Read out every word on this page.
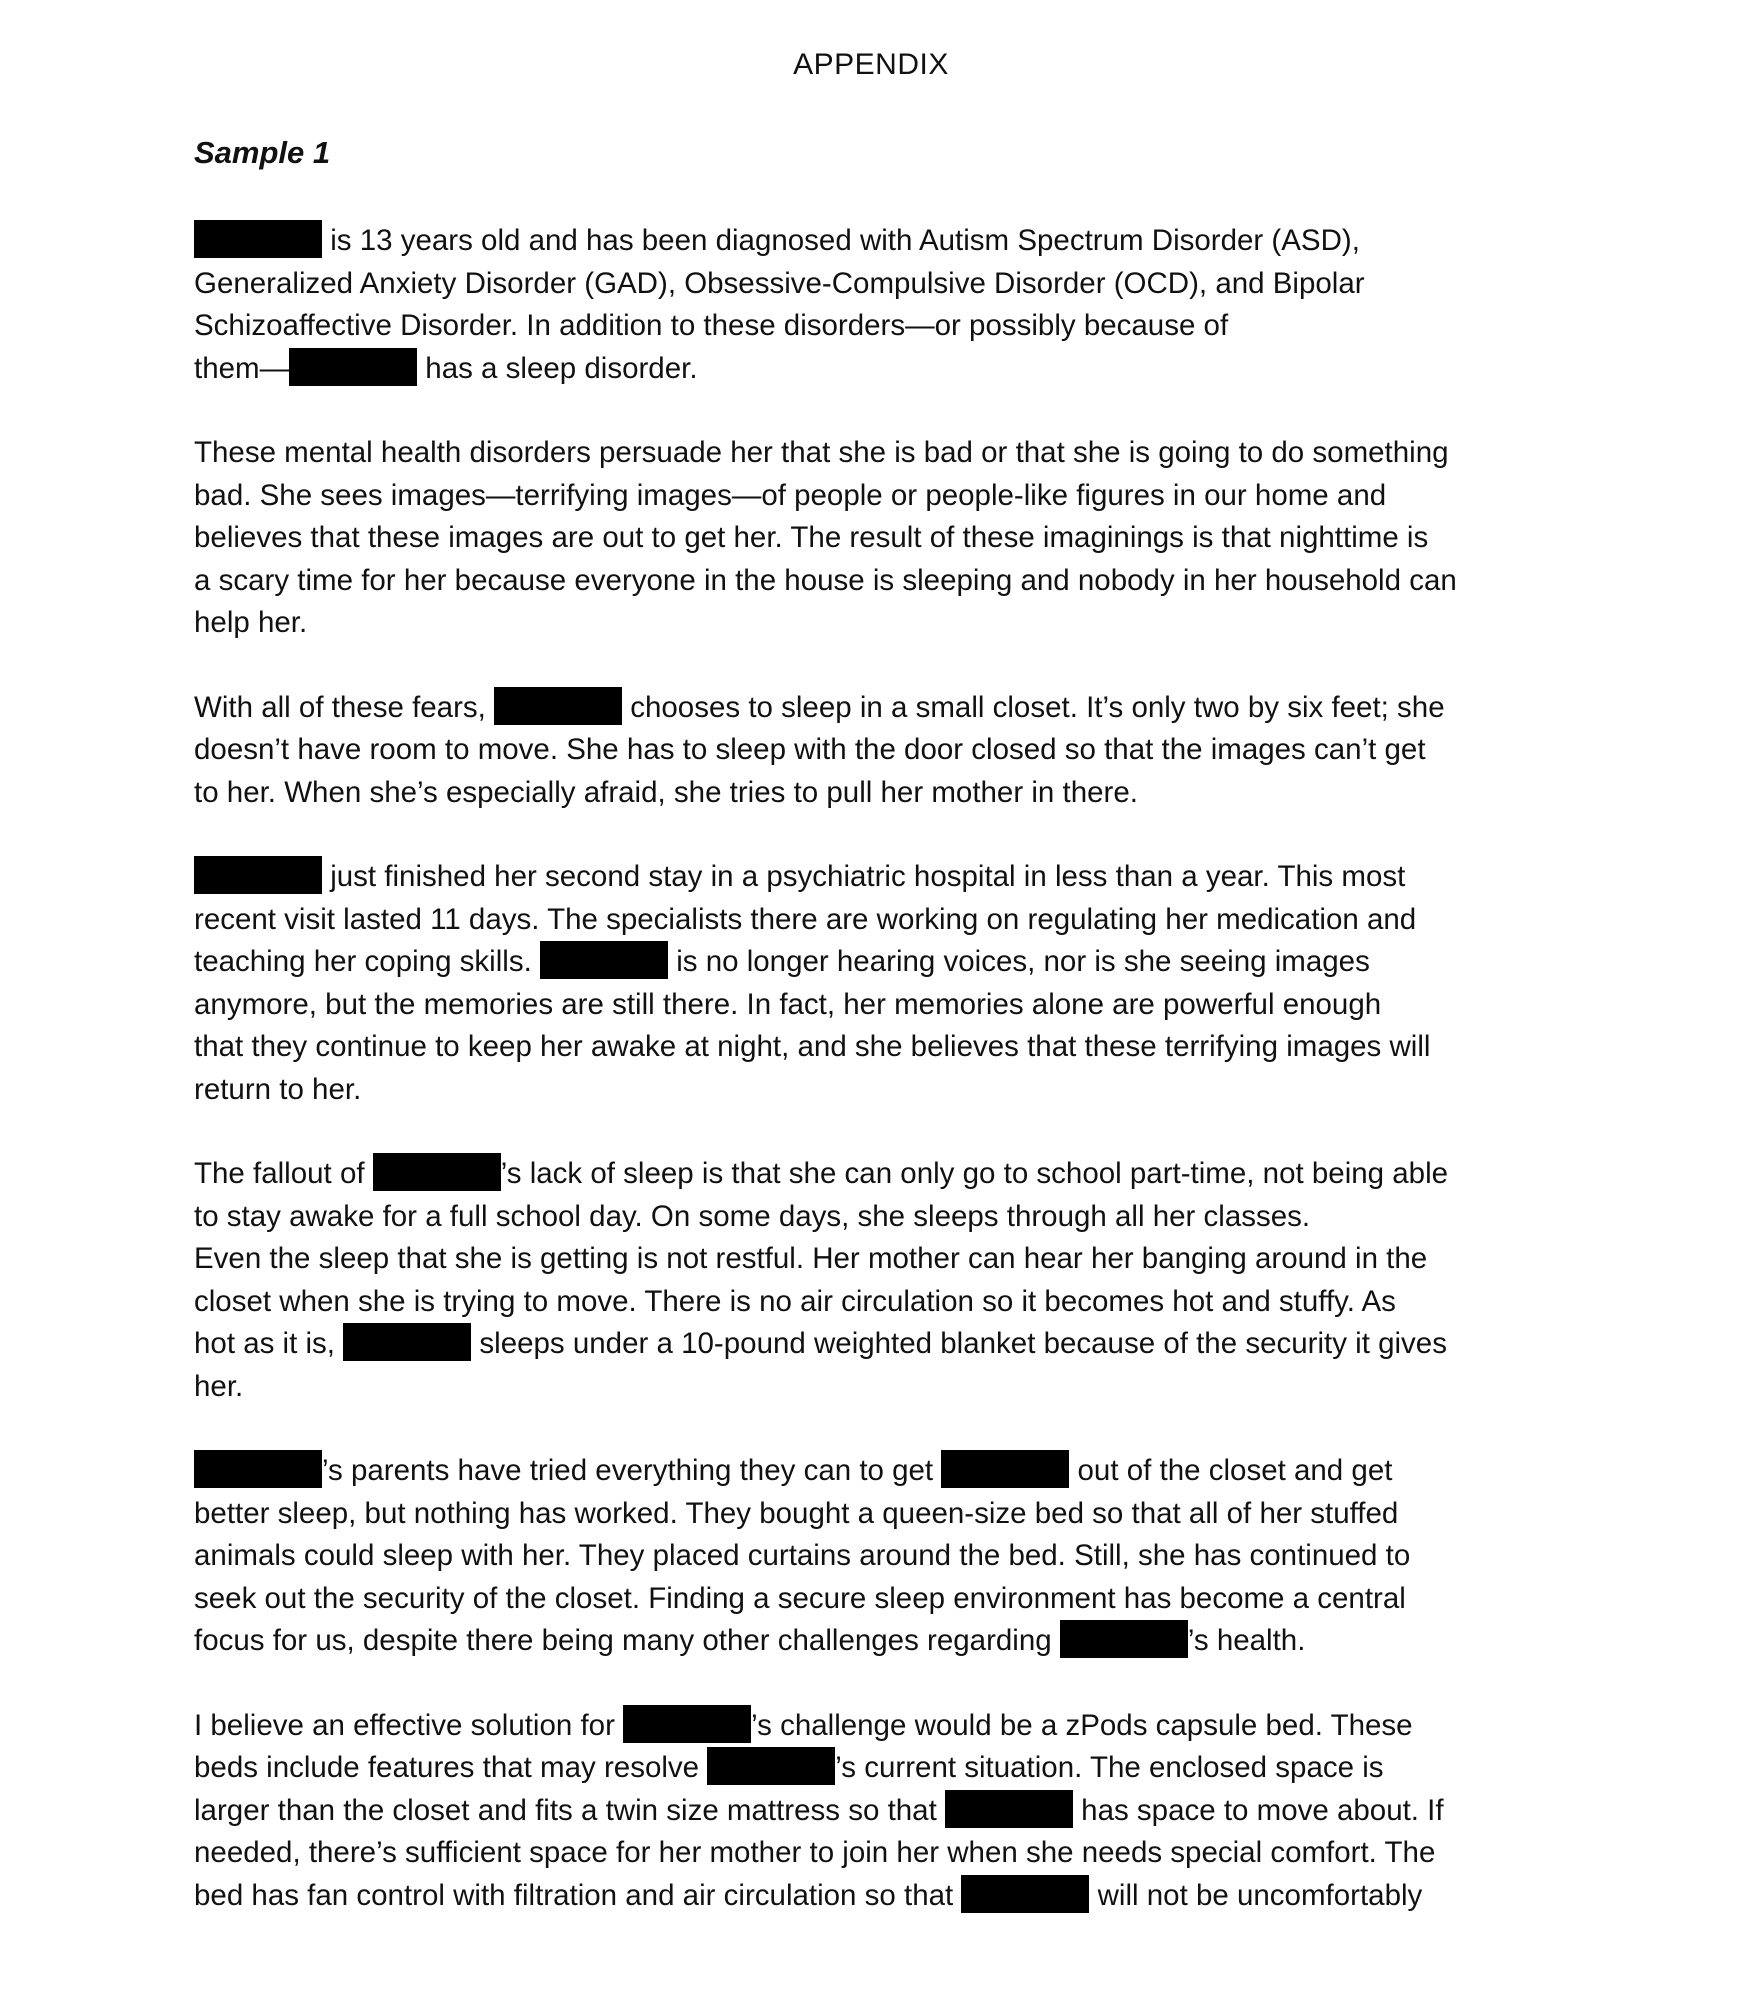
APPENDIX
Sample 1
is 13 years old and has been diagnosed with Autism Spectrum Disorder (ASD),
Generalized Anxiety Disorder (GAD), Obsessive-Compulsive Disorder (OCD), and Bipolar
Schizoaffective Disorder. In addition to these disorders—or possibly because of
them—	has a sleep disorder.
These mental health disorders persuade her that she is bad or that she is going to do something
bad. She sees images—terrifying images—of people or people-like figures in our home and
believes that these images are out to get her. The result of these imaginings is that nighttime is
a scary time for her because everyone in the house is sleeping and nobody in her household can
help her.
With all of these fears,	chooses to sleep in a small closet. It’s only two by six feet; she
doesn’t have room to move. She has to sleep with the door closed so that the images can’t get
to her. When she’s especially afraid, she tries to pull her mother in there.
just finished her second stay in a psychiatric hospital in less than a year. This most
recent visit lasted 11 days. The specialists there are working on regulating her medication and
teaching her coping skills.	is no longer hearing voices, nor is she seeing images
anymore, but the memories are still there. In fact, her memories alone are powerful enough
that they continue to keep her awake at night, and she believes that these terrifying images will
return to her.
The fallout of	’s lack of sleep is that she can only go to school part-time, not being able
to stay awake for a full school day. On some days, she sleeps through all her classes.
Even the sleep that she is getting is not restful. Her mother can hear her banging around in the
closet when she is trying to move. There is no air circulation so it becomes hot and stuffy. As
hot as it is,	sleeps under a 10-pound weighted blanket because of the security it gives
her.
’s parents have tried everything they can to get	out of the closet and get
better sleep, but nothing has worked. They bought a queen-size bed so that all of her stuffed
animals could sleep with her. They placed curtains around the bed. Still, she has continued to
seek out the security of the closet. Finding a secure sleep environment has become a central
focus for us, despite there being many other challenges regarding	’s health.
I believe an effective solution for	’s challenge would be a zPods capsule bed. These
beds include features that may resolve	’s current situation. The enclosed space is
larger than the closet and fits a twin size mattress so that	has space to move about. If
needed, there’s sufficient space for her mother to join her when she needs special comfort. The
bed has fan control with filtration and air circulation so that	will not be uncomfortably
